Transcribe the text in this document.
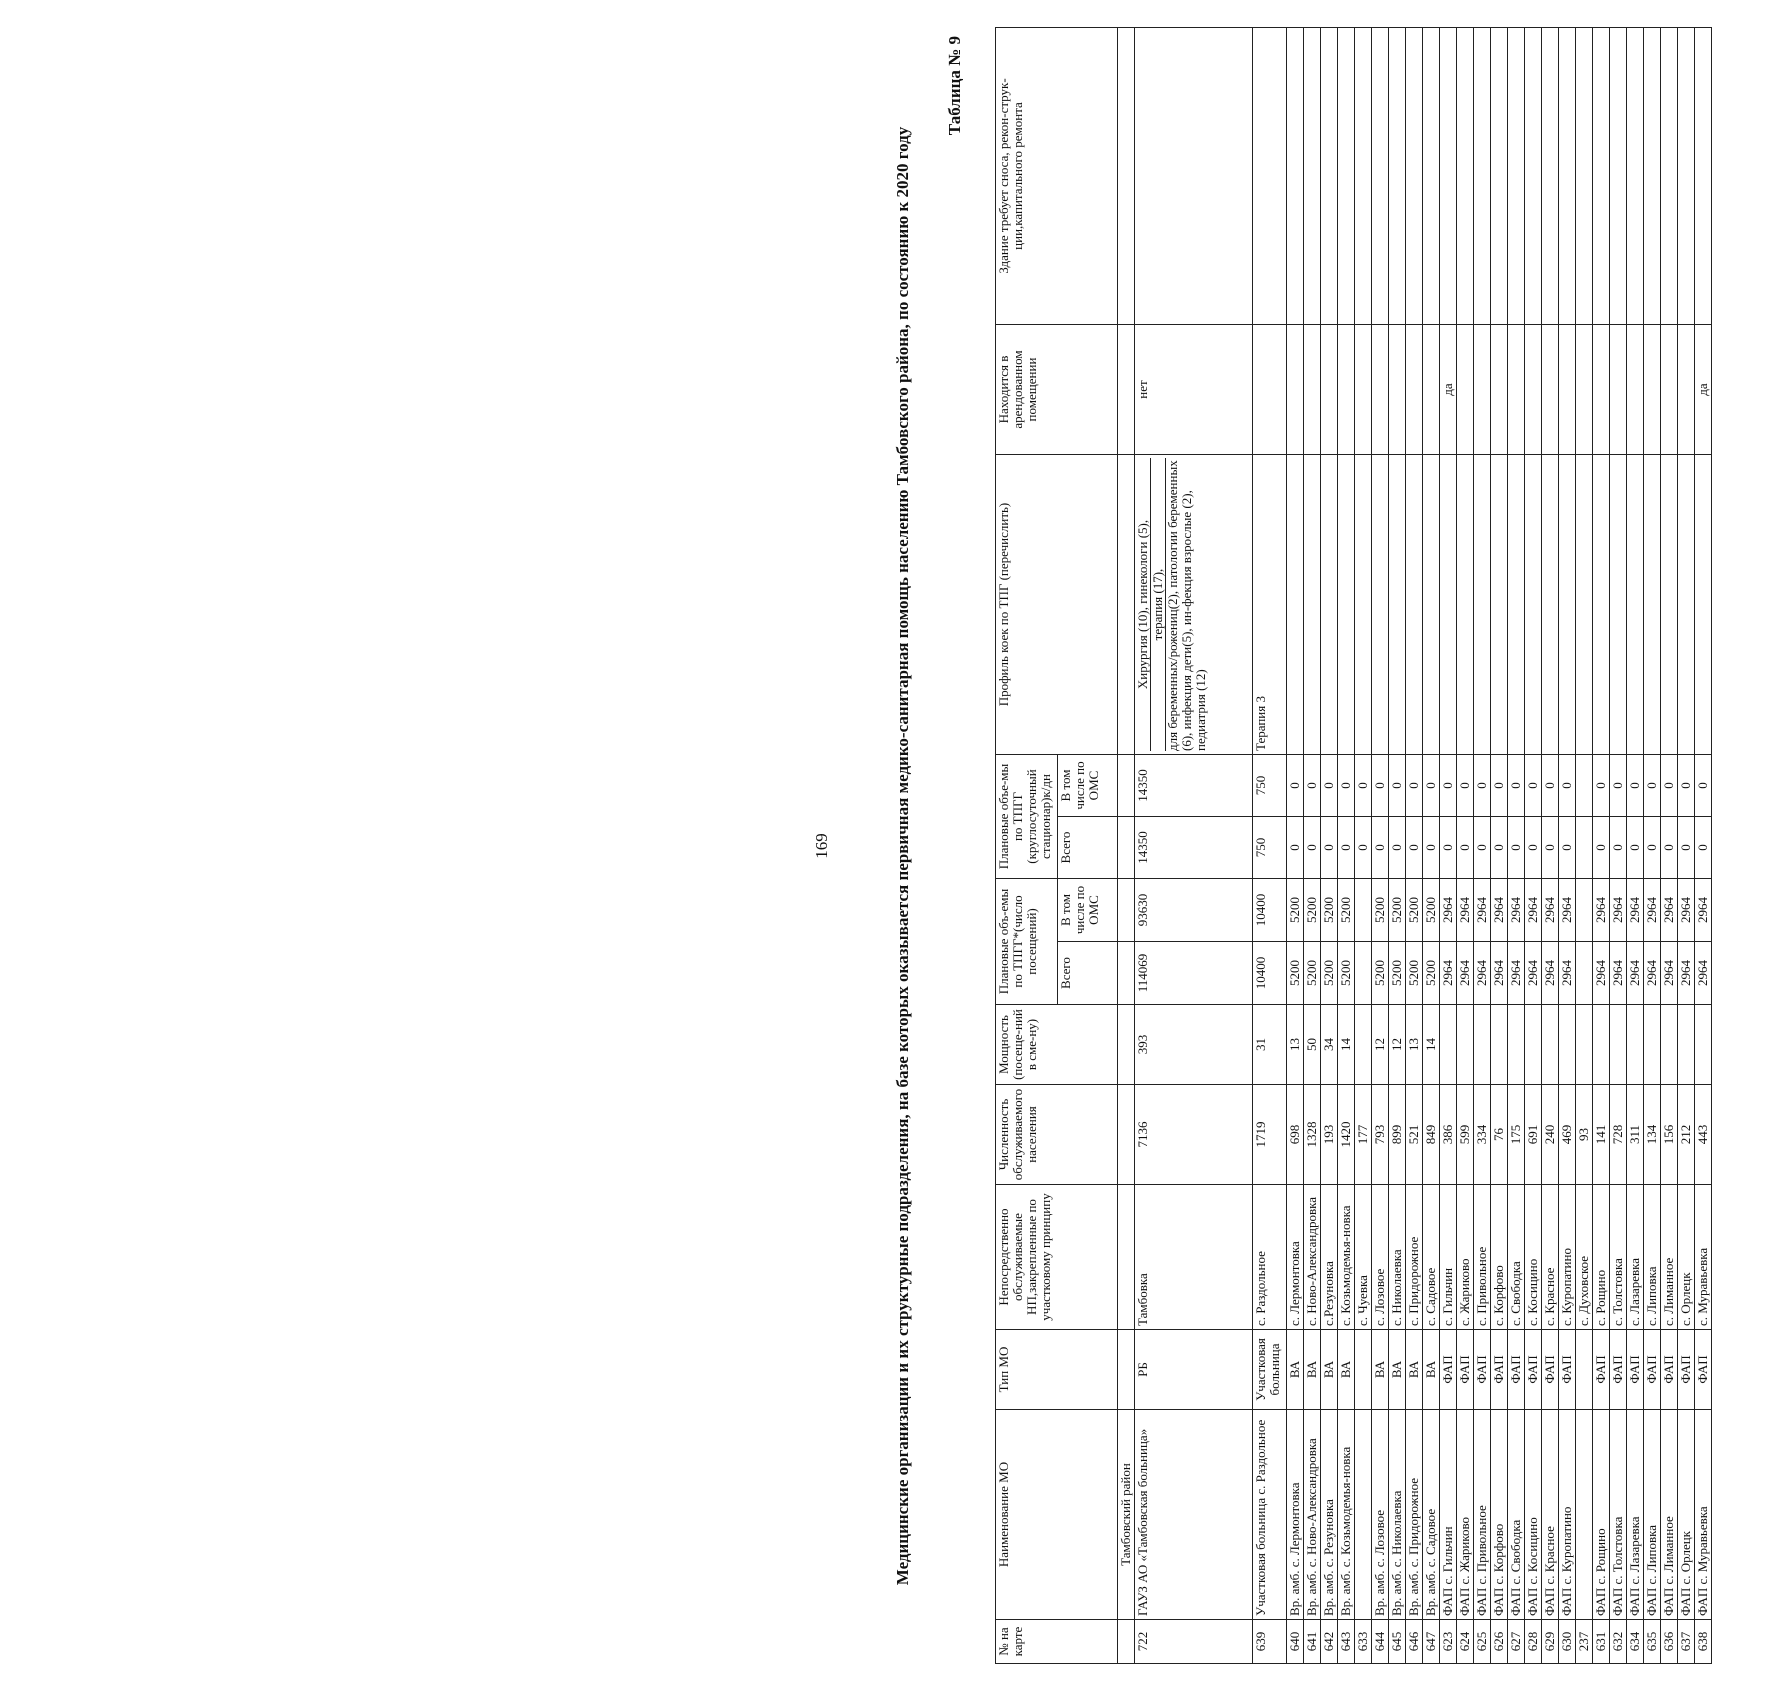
169	Медицинские организации и их структурные подразделения, на базе которых оказывается первичная медико-санитарная помощь населению Тамбовского района, по состоянию к 2020 году
Таблица № 9
№ на карте	Наименование МО	Тип МО	Непосредственно обслуживаемые НП,закрепленные по участковому принципу	Численность обслуживаемого населения	Мощность (посеще-ний в сме-ну)	Плановые объ-емы по ТПГГ*(число посещений)		Плановые объе-мы по ТПГГ (круглосуточный стационар)к/дн		Профиль коек по ТПГ (перечислить)	Находится в арендованном помещении	Здание требует сноса, рекон-струк-ции,капитального ремонта
						Всего	В том числе по ОМС	Всего	В том числе по ОМС			
	Тамбовский район											
722	ГАУЗ АО «Тамбовская больница»	РБ	Тамбовка	7136	393	114069	93630	14350	14350	Хирургия (10), гинекологи (5), терапия (17), для беременных/рожениц(2), патологии беременных (6), инфекция дети(5), ин-фекция взрослые (2), педиатрия (12)	нет	
639	Участковая больница с. Раздольное	Участковая больница	с. Раздольное	1719	31	10400	10400	750	750	Терапия 3		
640	Вр. амб. с. Лермонтовка	ВА	с. Лермонтовка	698	13	5200	5200	0	0			
641	Вр. амб. с. Ново-Александровка	ВА	с. Ново-Александровка	1328	50	5200	5200	0	0			
642	Вр. амб. с. Резуновка	ВА	с.Резуновка	193	34	5200	5200	0	0			
643	Вр. амб. с. Козьмодемья-новка	ВА	с. Козьмодемья-новка	1420	14	5200	5200	0	0			
633			с. Чуевка	177				0	0			
644	Вр. амб. с. Лозовое	ВА	с. Лозовое	793	12	5200	5200	0	0			
645	Вр. амб. с. Николаевка	ВА	с. Николаевка	899	12	5200	5200	0	0			
646	Вр. амб. с. Придорожное	ВА	с. Придорожное	521	13	5200	5200	0	0			
647	Вр. амб. с. Садовое	ВА	с. Садовое	849	14	5200	5200	0	0			
623	ФАП с. Гильчин	ФАП	с. Гильчин	386		2964	2964	0	0		да	
624	ФАП с. Жариково	ФАП	с. Жариково	599		2964	2964	0	0			
625	ФАП с. Привольное	ФАП	с. Привольное	334		2964	2964	0	0			
626	ФАП с. Корфово	ФАП	с. Корфово	76		2964	2964	0	0			
627	ФАП с. Свободка	ФАП	с. Свободка	175		2964	2964	0	0			
628	ФАП с. Косицино	ФАП	с. Косицино	691		2964	2964	0	0			
629	ФАП с. Красное	ФАП	с. Красное	240		2964	2964	0	0			
630	ФАП с. Куропатино	ФАП	с. Куропатино	469		2964	2964	0	0			
237			с. Духовское	93								
631	ФАП с. Рощино	ФАП	с. Рощино	141		2964	2964	0	0			
632	ФАП с. Толстовка	ФАП	с. Толстовка	728		2964	2964	0	0			
634	ФАП с. Лазаревка	ФАП	с. Лазаревка	311		2964	2964	0	0			
635	ФАП с. Липовка	ФАП	с. Липовка	134		2964	2964	0	0			
636	ФАП с. Лиманное	ФАП	с. Лиманное	156		2964	2964	0	0			
637	ФАП с. Орлецк	ФАП	с. Орлецк	212		2964	2964	0	0			
638	ФАП с. Муравьевка	ФАП	с. Муравьевка	443		2964	2964	0	0		да	
